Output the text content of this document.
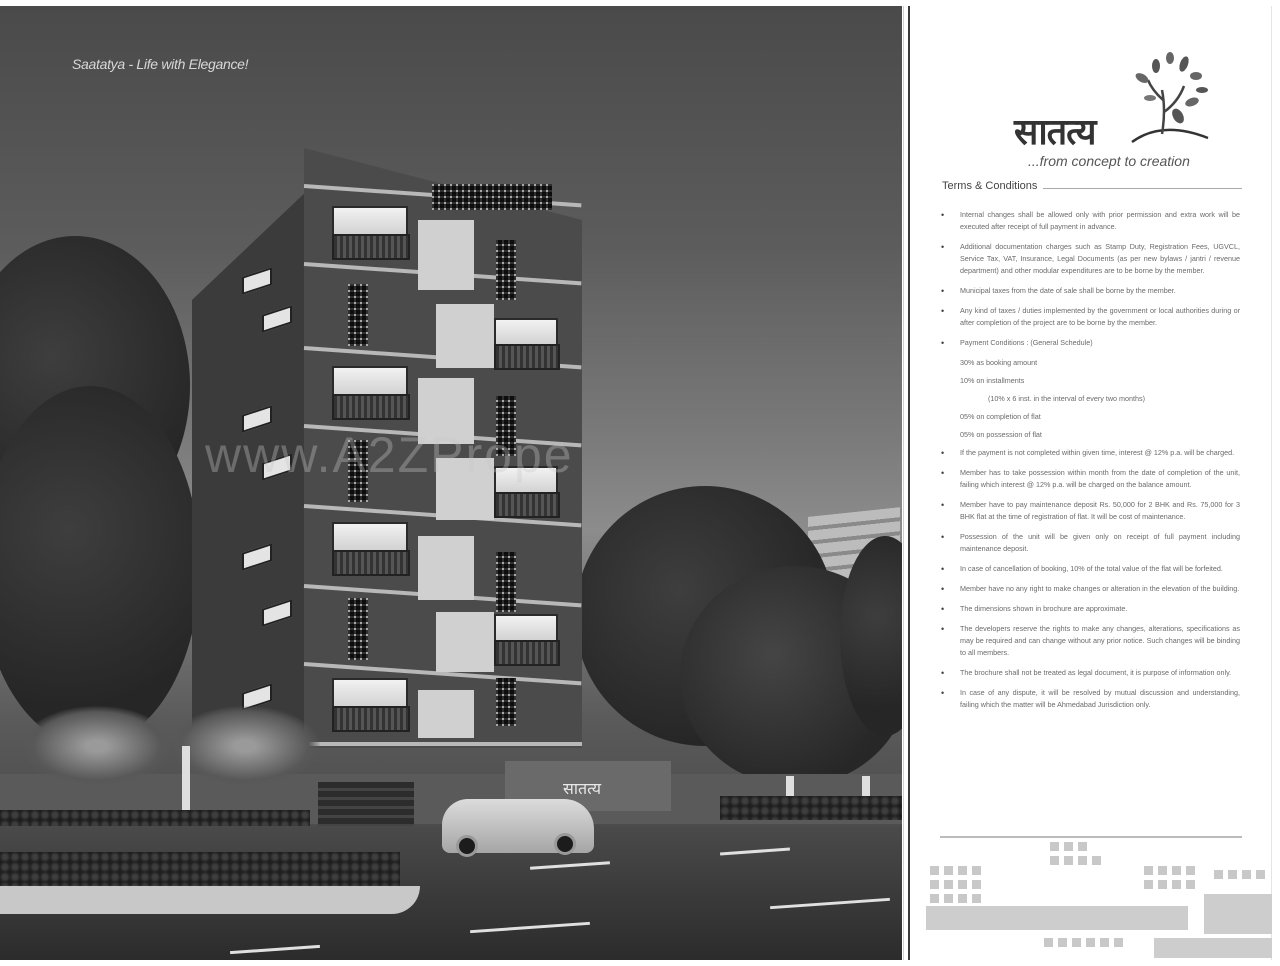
Saatatya - Life with Elegance!
www.A2ZPrope
सातत्य
सातत्य
...from concept to creation
Terms & Conditions
• Internal changes shall be allowed only with prior permission and extra work will be executed after receipt of full payment in advance.
• Additional documentation charges such as Stamp Duty, Registration Fees, UGVCL, Service Tax, VAT, Insurance, Legal Documents (as per new bylaws / jantri / revenue department) and other modular expenditures are to be borne by the member.
• Municipal taxes from the date of sale shall be borne by the member.
• Any kind of taxes / duties implemented by the government or local authorities during or after completion of the project are to be borne by the member.
• Payment Conditions : (General Schedule)
30% as booking amount
10% on installments
(10% x 6 inst. in the interval of every two months)
05% on completion of flat
05% on possession of flat
• If the payment is not completed within given time, interest @ 12% p.a. will be charged.
• Member has to take possession within month from the date of completion of the unit, failing which interest @ 12% p.a. will be charged on the balance amount.
• Member have to pay maintenance deposit Rs. 50,000 for 2 BHK and Rs. 75,000 for 3 BHK flat at the time of registration of flat. It will be cost of maintenance.
• Possession of the unit will be given only on receipt of full payment including maintenance deposit.
• In case of cancellation of booking, 10% of the total value of the flat will be forfeited.
• Member have no any right to make changes or alteration in the elevation of the building.
• The dimensions shown in brochure are approximate.
• The developers reserve the rights to make any changes, alterations, specifications as may be required and can change without any prior notice. Such changes will be binding to all members.
• The brochure shall not be treated as legal document, it is purpose of information only.
• In case of any dispute, it will be resolved by mutual discussion and understanding, failing which the matter will be Ahmedabad Jurisdiction only.
